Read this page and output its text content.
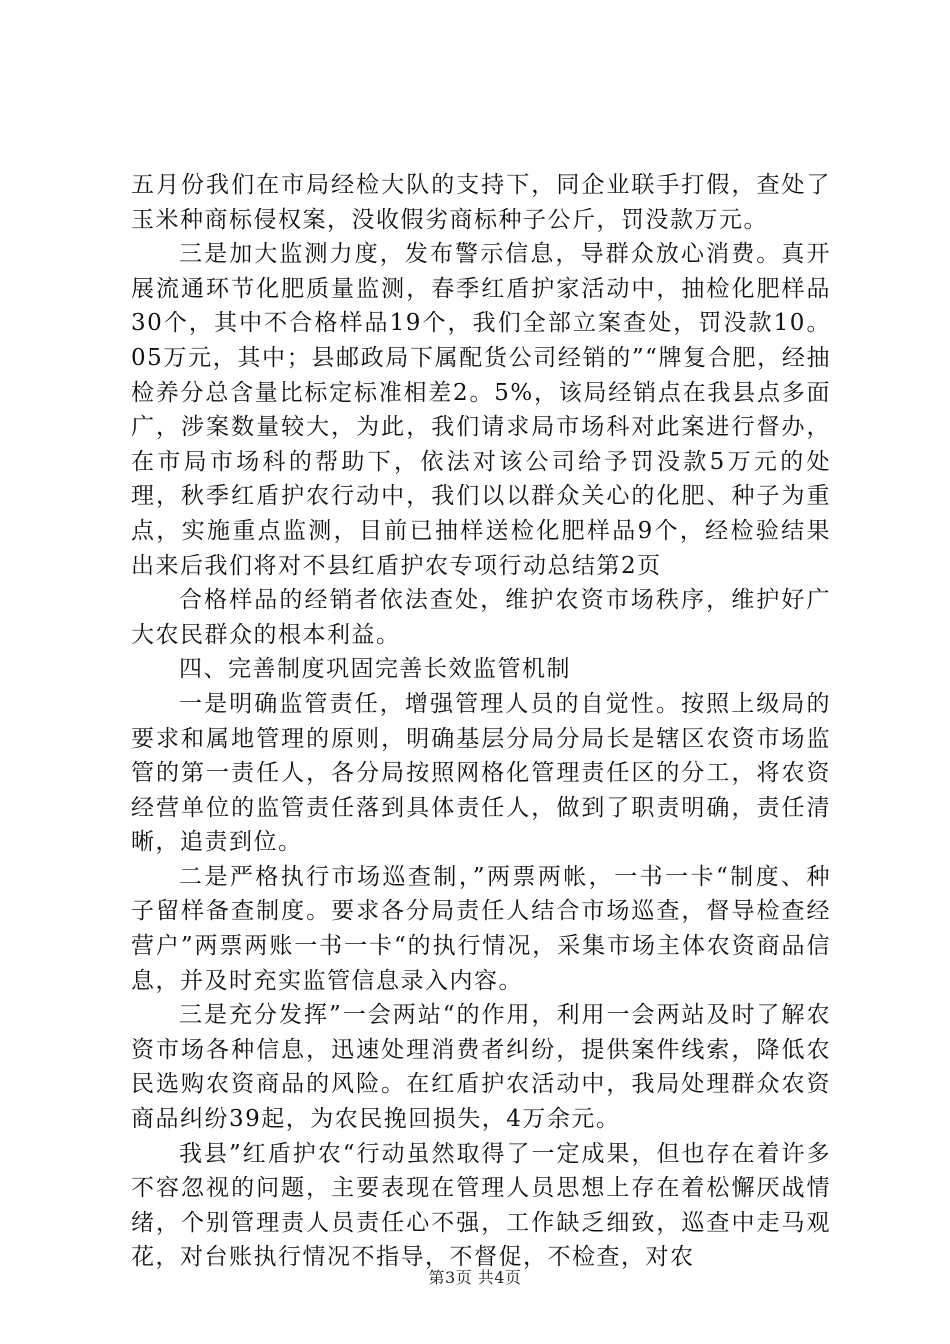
五月份我们在市局经检大队的支持下，同企业联手打假，查处了玉米种商标侵权案，没收假劣商标种子公斤，罚没款万元。

三是加大监测力度，发布警示信息，导群众放心消费。真开展流通环节化肥质量监测，春季红盾护家活动中，抽检化肥样品30个，其中不合格样品19个，我们全部立案查处，罚没款10。05万元，其中；县邮政局下属配货公司经销的”“牌复合肥，经抽检养分总含量比标定标准相差2。5%，该局经销点在我县点多面广，涉案数量较大，为此，我们请求局市场科对此案进行督办，在市局市场科的帮助下，依法对该公司给予罚没款5万元的处理，秋季红盾护农行动中，我们以以群众关心的化肥、种子为重点，实施重点监测，目前已抽样送检化肥样品9个，经检验结果出来后我们将对不县红盾护农专项行动总结第2页

合格样品的经销者依法查处，维护农资市场秩序，维护好广大农民群众的根本利益。

四、完善制度巩固完善长效监管机制

一是明确监管责任，增强管理人员的自觉性。按照上级局的要求和属地管理的原则，明确基层分局分局长是辖区农资市场监管的第一责任人，各分局按照网格化管理责任区的分工，将农资经营单位的监管责任落到具体责任人，做到了职责明确，责任清晰，追责到位。

二是严格执行市场巡查制，”两票两帐，一书一卡“制度、种子留样备查制度。要求各分局责任人结合市场巡查，督导检查经营户”两票两账一书一卡“的执行情况，采集市场主体农资商品信息，并及时充实监管信息录入内容。

三是充分发挥”一会两站“的作用，利用一会两站及时了解农资市场各种信息，迅速处理消费者纠纷，提供案件线索，降低农民选购农资商品的风险。在红盾护农活动中，我局处理群众农资商品纠纷39起，为农民挽回损失，4万余元。

我县”红盾护农“行动虽然取得了一定成果，但也存在着许多不容忽视的问题，主要表现在管理人员思想上存在着松懈厌战情绪，个别管理责人员责任心不强，工作缺乏细致，巡查中走马观花，对台账执行情况不指导，不督促，不检查，对农

第3页 共4页
